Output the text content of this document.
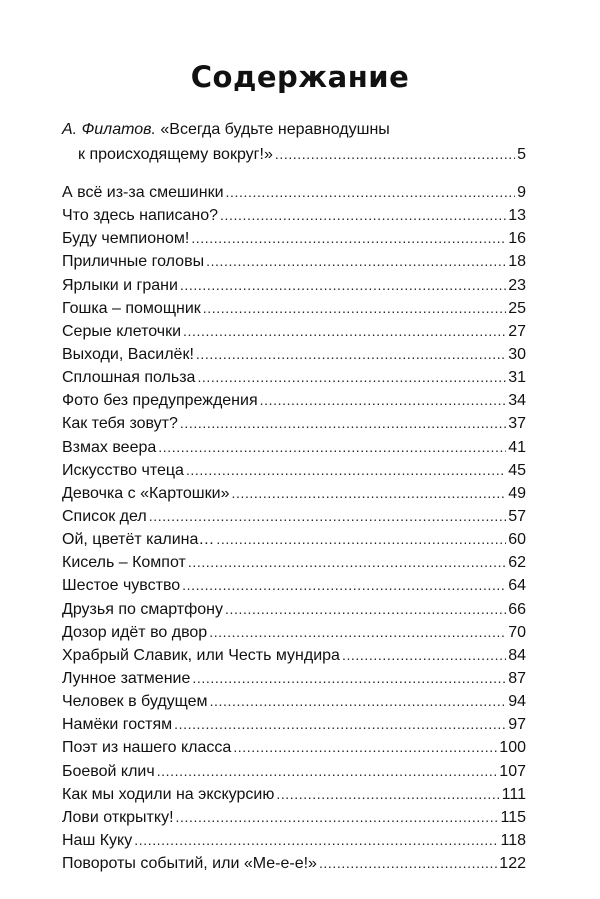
Содержание
А. Филатов. «Всегда будьте неравнодушны
к происходящему вокруг!» .....	5
А всё из-за смешинки .....	9
Что здесь написано? .....	13
Буду чемпионом! .....	16
Приличные головы .....	18
Ярлыки и грани .....	23
Гошка – помощник .....	25
Серые клеточки .....	27
Выходи, Василёк! .....	30
Сплошная польза .....	31
Фото без предупреждения .....	34
Как тебя зовут? .....	37
Взмах веера .....	41
Искусство чтеца .....	45
Девочка с «Картошки» .....	49
Список дел .....	57
Ой, цветёт калина… .....	60
Кисель – Компот .....	62
Шестое чувство .....	64
Друзья по смартфону .....	66
Дозор идёт во двор .....	70
Храбрый Славик, или Честь мундира .....	84
Лунное затмение .....	87
Человек в будущем .....	94
Намёки гостям .....	97
Поэт из нашего класса .....	100
Боевой клич .....	107
Как мы ходили на экскурсию .....	111
Лови открытку! .....	115
Наш Куку .....	118
Повороты событий, или «Ме-е-е!» .....	122
